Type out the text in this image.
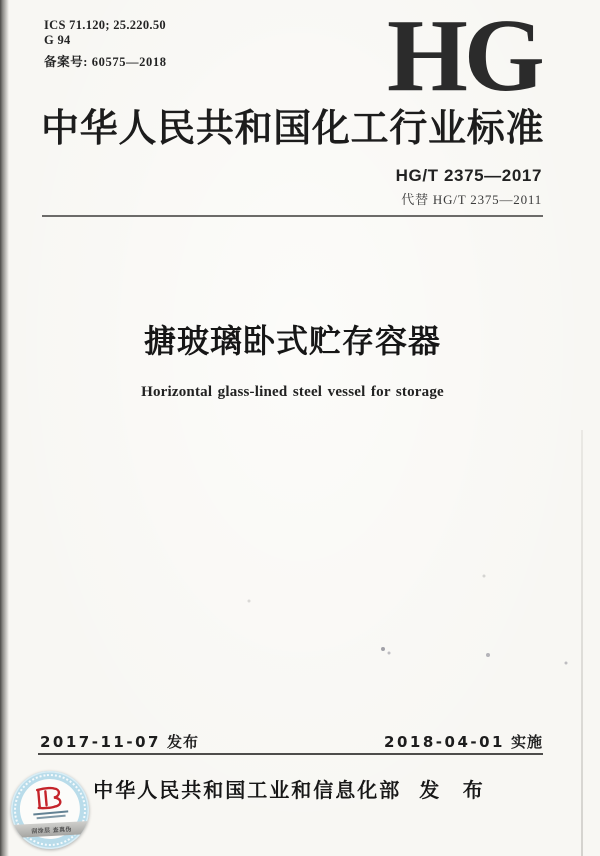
ICS 71.120; 25.220.50
G 94
备案号: 60575—2018 HG
中 华 人 民 共 和 国 化 工 行 业 标 准
HG/T 2375—2017
代替 HG/T 2375—2011
搪玻璃卧式贮存容器
Horizontal glass-lined steel vessel for storage
2017-11-07 发布	2018-04-01 实施
中华人民共和国工业和信息化部 发 布
刮涂层 查真伪
